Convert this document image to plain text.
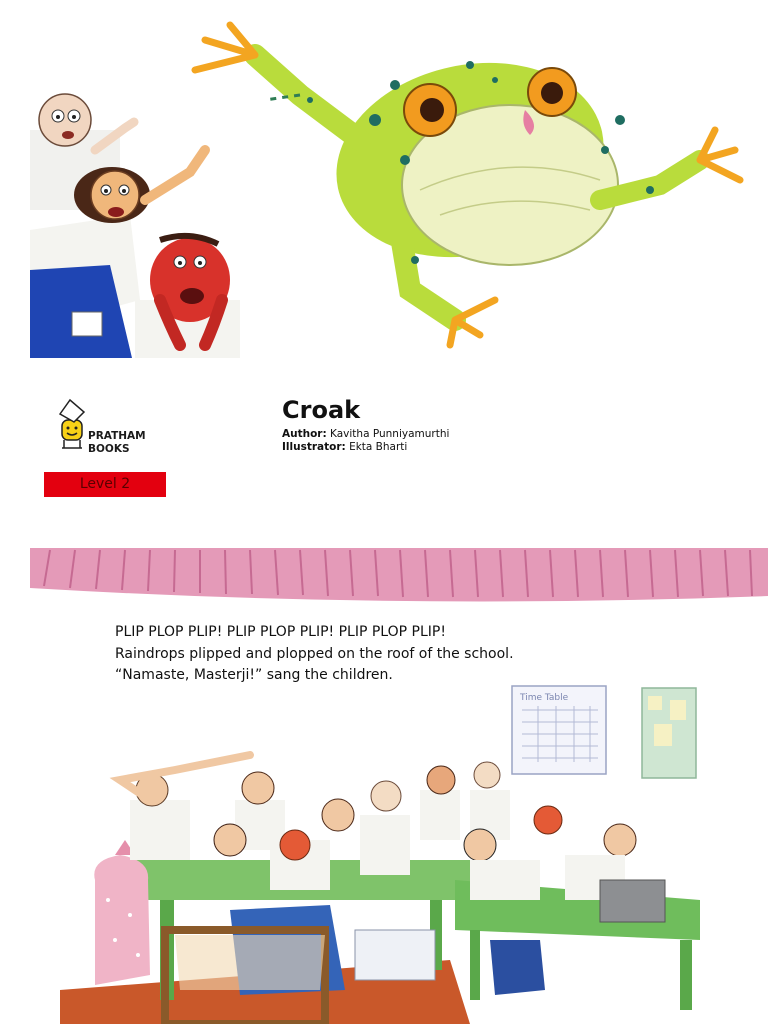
PRATHAM
BOOKS
Level 2
Croak
Author: Kavitha Punniyamurthi
Illustrator: Ekta Bharti

PLIP PLOP PLIP! PLIP PLOP PLIP! PLIP PLOP PLIP!

Raindrops plipped and plopped on the roof of the school.

“Namaste, Masterji!” sang the children.

Time Table
